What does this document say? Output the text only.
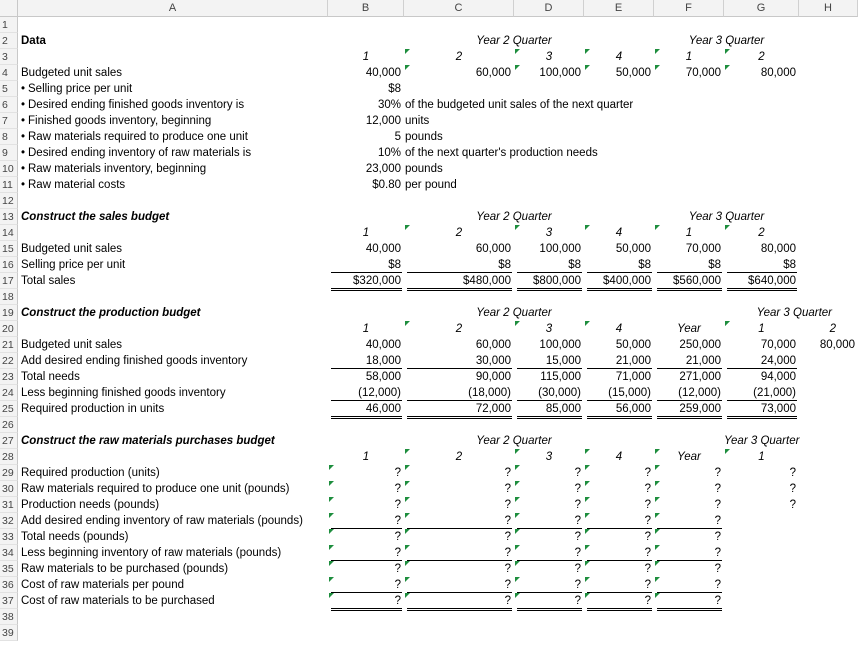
A	B	C	D	E	F	G	H
1
2
3
4
5
6
7
8
9
10
11
12
13
14
15
16
17
18
19
20
21
22
23
24
25
26
27
28
29
30
31
32
33
34
35
36
37
38
39
Data	Year 2 Quarter	Year 3 Quarter
1	2	3	4	1	2
Budgeted unit sales	40,000	60,000	100,000	50,000	70,000	80,000
• Selling price per unit	$8
• Desired ending finished goods inventory is	30% of the budgeted unit sales of the next quarter
• Finished goods inventory, beginning	12,000 units
• Raw materials required to produce one unit	5 pounds
• Desired ending inventory of raw materials is	10% of the next quarter's production needs
• Raw materials inventory, beginning	23,000 pounds
• Raw material costs	$0.80 per pound
Construct the sales budget	Year 2 Quarter	Year 3 Quarter
1	2	3	4	1	2
Budgeted unit sales	40,000	60,000	100,000	50,000	70,000	80,000
Selling price per unit	$8	$8	$8	$8	$8	$8
Total sales	$320,000	$480,000	$800,000	$400,000	$560,000	$640,000
Construct the production budget	Year 2 Quarter	Year 3 Quarter
1	2	3	4	Year	1	2
Budgeted unit sales	40,000	60,000	100,000	50,000	250,000	70,000	80,000
Add desired ending finished goods inventory	18,000	30,000	15,000	21,000	21,000	24,000
Total needs	58,000	90,000	115,000	71,000	271,000	94,000
Less beginning finished goods inventory	(12,000)	(18,000)	(30,000)	(15,000)	(12,000)	(21,000)
Required production in units	46,000	72,000	85,000	56,000	259,000	73,000
Construct the raw materials purchases budget	Year 2 Quarter	Year 3 Quarter
1	2	3	4	Year	1
Required production (units)	?	?	?	?	?	?
Raw materials required to produce one unit (pounds)	?	?	?	?	?	?
Production needs (pounds)	?	?	?	?	?	?
Add desired ending inventory of raw materials (pounds)	?	?	?	?	?
Total needs (pounds)	?	?	?	?	?
Less beginning inventory of raw materials (pounds)	?	?	?	?	?
Raw materials to be purchased (pounds)	?	?	?	?	?
Cost of raw materials per pound	?	?	?	?	?
Cost of raw materials to be purchased	?	?	?	?	?
